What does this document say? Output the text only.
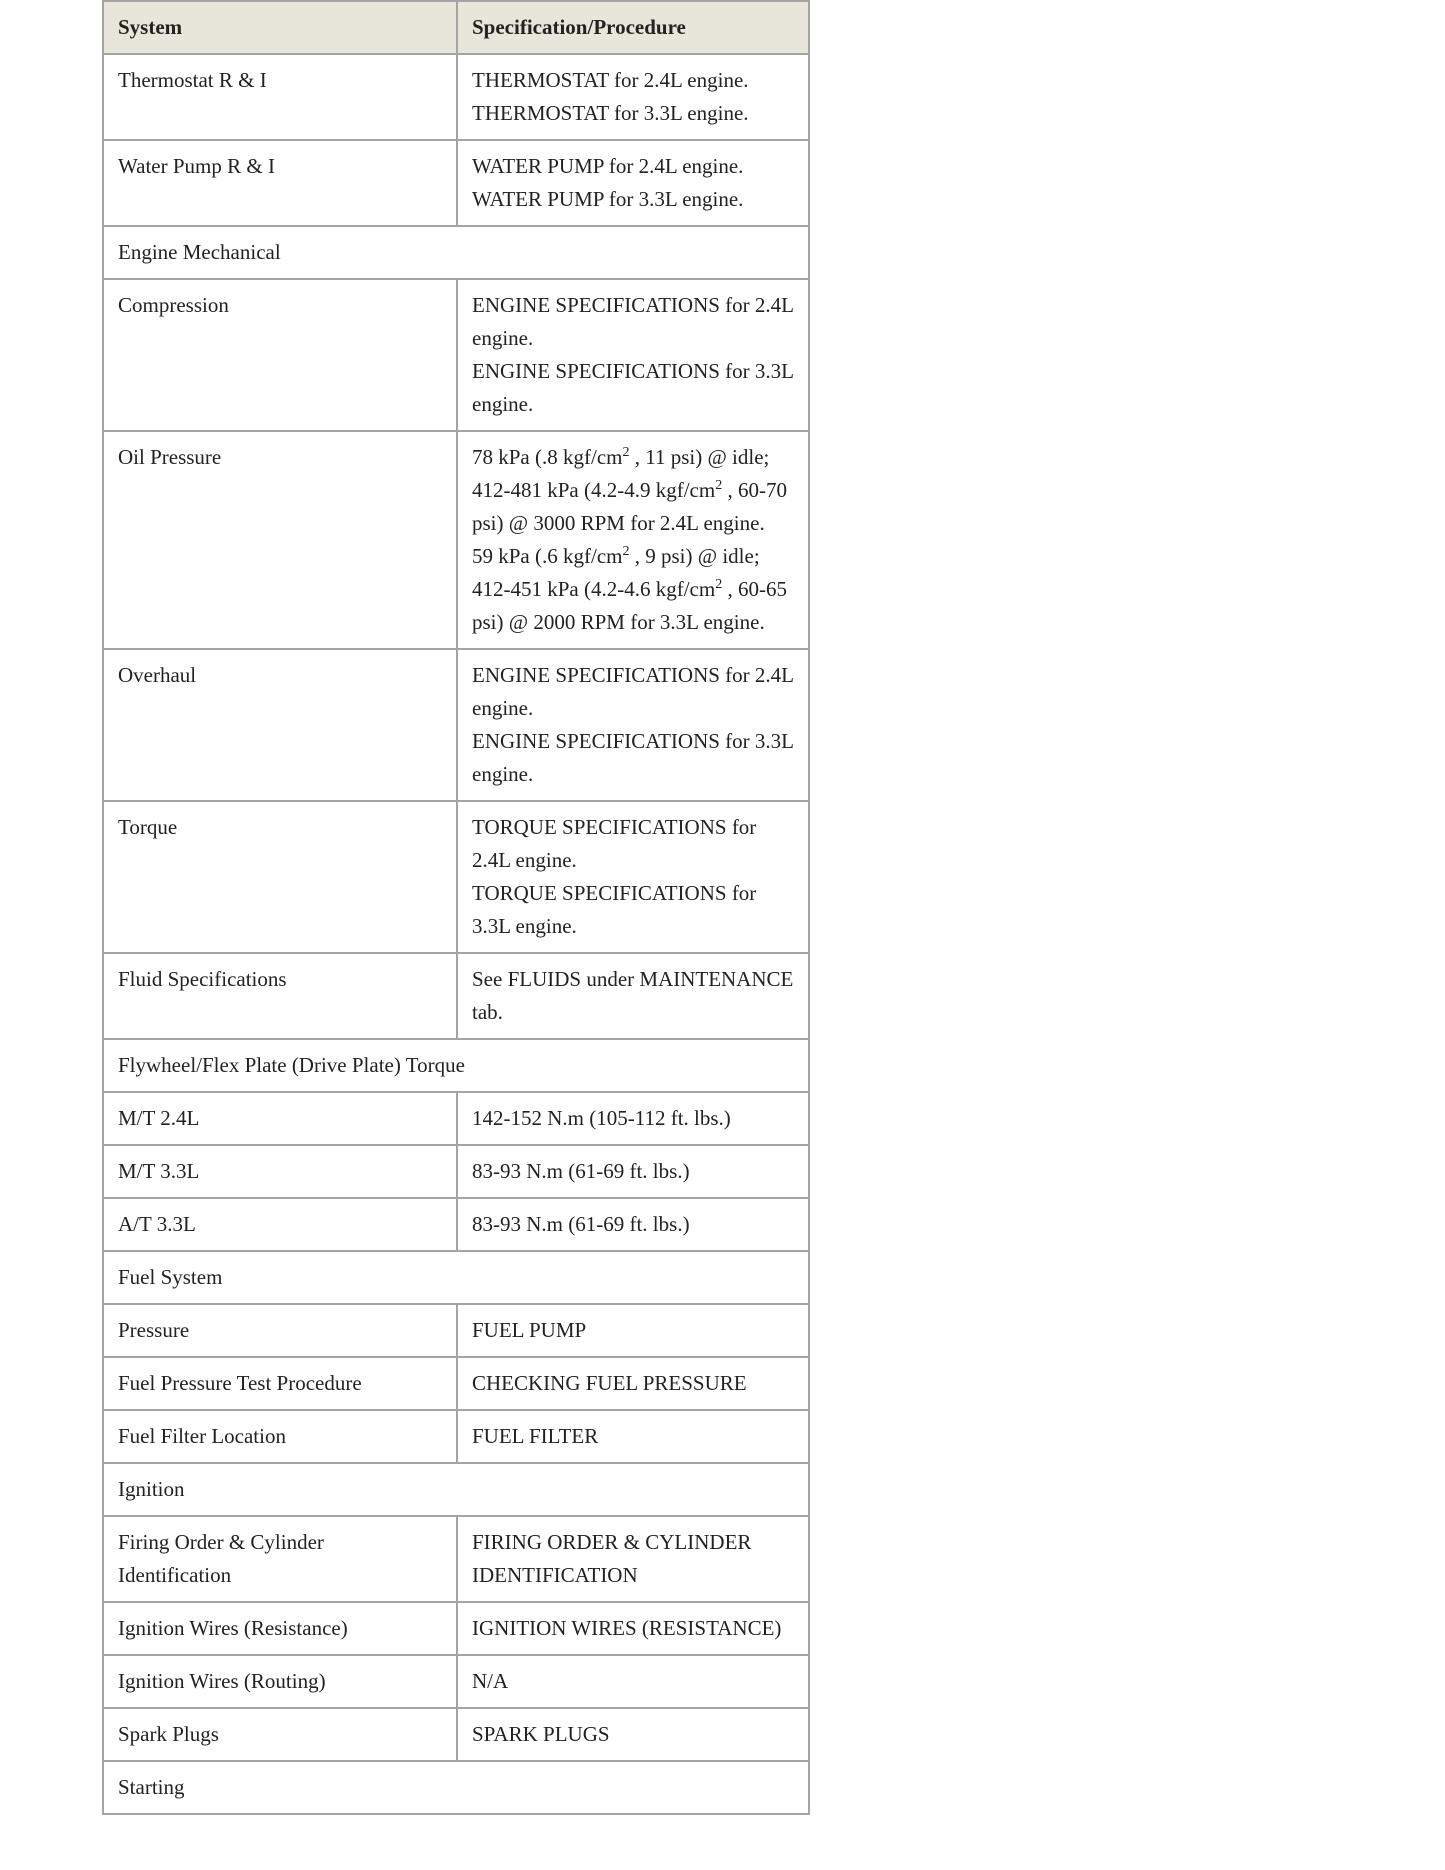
System	Specification/Procedure
Thermostat R & I	THERMOSTAT for 2.4L engine.
THERMOSTAT for 3.3L engine.

Water Pump R & I	WATER PUMP for 2.4L engine.
WATER PUMP for 3.3L engine.

Engine Mechanical	
Compression	ENGINE SPECIFICATIONS for 2.4L engine.
ENGINE SPECIFICATIONS for 3.3L engine.

Oil Pressure	78 kPa (.8 kgf/$cm^2$ , 11 psi) @ idle; 412-481 kPa (4.2-4.9 kgf/$cm^2$ , 60-70 psi) @ 3000 RPM for 2.4L engine.
59 kPa (.6 kgf/$cm^2$ , 9 psi) @ idle; 412-451 kPa (4.2-4.6 kgf/$cm^2$ , 60-65 psi) @ 2000 RPM for 3.3L engine.

Overhaul	ENGINE SPECIFICATIONS for 2.4L engine.
ENGINE SPECIFICATIONS for 3.3L engine.

Torque	TORQUE SPECIFICATIONS for 2.4L engine.
TORQUE SPECIFICATIONS for 3.3L engine.

Fluid Specifications	See FLUIDS under MAINTENANCE tab.
Flywheel/Flex Plate (Drive Plate) Torque	
M/T 2.4L	142-152 N.m (105-112 ft. lbs.)
M/T 3.3L	83-93 N.m (61-69 ft. lbs.)
A/T 3.3L	83-93 N.m (61-69 ft. lbs.)
Fuel System	
Pressure	FUEL PUMP
Fuel Pressure Test Procedure	CHECKING FUEL PRESSURE
Fuel Filter Location	FUEL FILTER
Ignition	
Firing Order & Cylinder Identification	FIRING ORDER & CYLINDER IDENTIFICATION
Ignition Wires (Resistance)	IGNITION WIRES (RESISTANCE)
Ignition Wires (Routing)	N/A
Spark Plugs	SPARK PLUGS
Starting	
